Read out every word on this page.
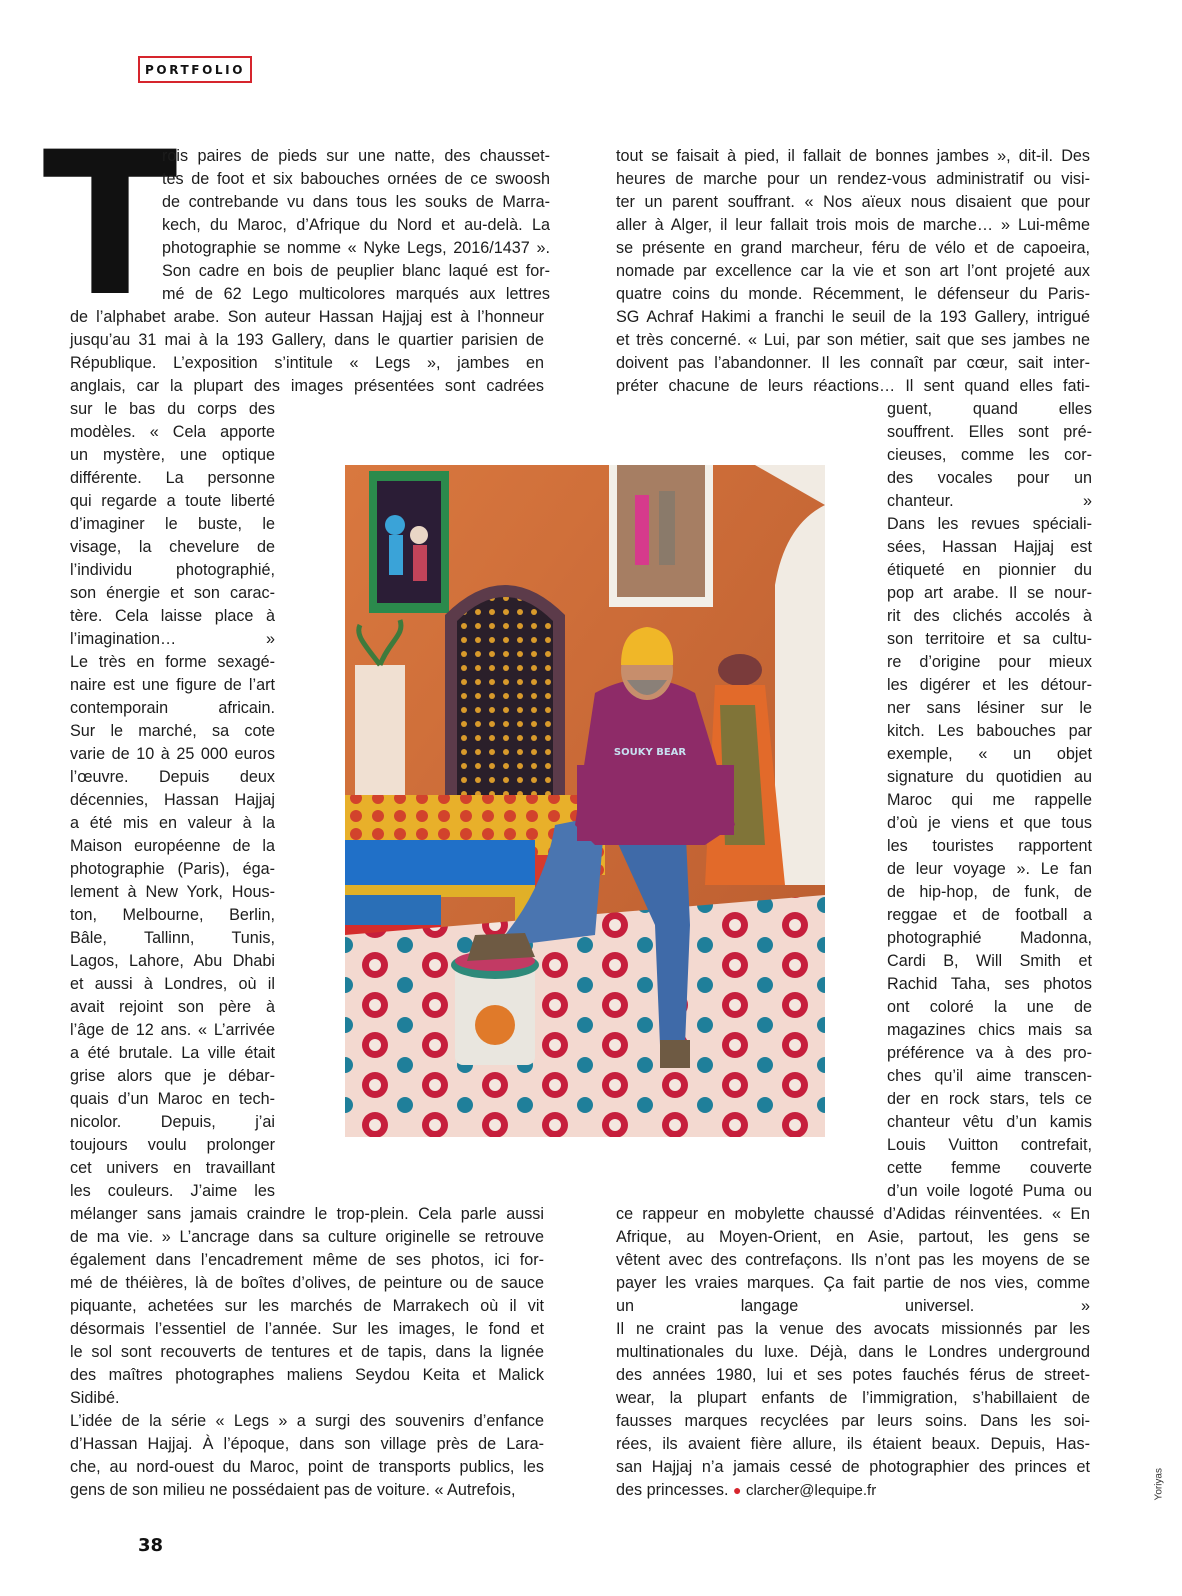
PORTFOLIO
T
rois paires de pieds sur une natte, des chausset-
tes de foot et six babouches ornées de ce swoosh
de contrebande vu dans tous les souks de Marra-
kech, du Maroc, d’Afrique du Nord et au-delà. La
photographie se nomme « Nyke Legs, 2016/1437 ».
Son cadre en bois de peuplier blanc laqué est for-
mé de 62 Lego multicolores marqués aux lettres
de l’alphabet arabe. Son auteur Hassan Hajjaj est à l’honneur
jusqu’au 31 mai à la 193 Gallery, dans le quartier parisien de
République. L’exposition s’intitule « Legs », jambes en
anglais, car la plupart des images présentées sont cadrées
sur le bas du corps des
modèles. « Cela apporte
un mystère, une optique
différente. La personne
qui regarde a toute liberté
d’imaginer le buste, le
visage, la chevelure de
l’individu photographié,
son énergie et son carac-
tère. Cela laisse place à
l’imagination… »
Le très en forme sexagé-
naire est une figure de l’art
contemporain africain.
Sur le marché, sa cote
varie de 10 à 25 000 euros
l’œuvre. Depuis deux
décennies, Hassan Hajjaj
a été mis en valeur à la
Maison européenne de la
photographie (Paris), éga-
lement à New York, Hous-
ton, Melbourne, Berlin,
Bâle, Tallinn, Tunis,
Lagos, Lahore, Abu Dhabi
et aussi à Londres, où il
avait rejoint son père à
l’âge de 12 ans. « L’arrivée
a été brutale. La ville était
grise alors que je débar-
quais d’un Maroc en tech-
nicolor. Depuis, j’ai
toujours voulu prolonger
cet univers en travaillant
les couleurs. J’aime les
mélanger sans jamais craindre le trop-plein. Cela parle aussi
de ma vie. » L’ancrage dans sa culture originelle se retrouve
également dans l’encadrement même de ses photos, ici for-
mé de théières, là de boîtes d’olives, de peinture ou de sauce
piquante, achetées sur les marchés de Marrakech où il vit
désormais l’essentiel de l’année. Sur les images, le fond et
le sol sont recouverts de tentures et de tapis, dans la lignée
des maîtres photographes maliens Seydou Keita et Malick
Sidibé.
L’idée de la série « Legs » a surgi des souvenirs d’enfance
d’Hassan Hajjaj. À l’époque, dans son village près de Lara-
che, au nord-ouest du Maroc, point de transports publics, les
gens de son milieu ne possédaient pas de voiture. « Autrefois,
tout se faisait à pied, il fallait de bonnes jambes », dit-il. Des
heures de marche pour un rendez-vous administratif ou visi-
ter un parent souffrant. « Nos aïeux nous disaient que pour
aller à Alger, il leur fallait trois mois de marche… » Lui-même
se présente en grand marcheur, féru de vélo et de capoeira,
nomade par excellence car la vie et son art l’ont projeté aux
quatre coins du monde. Récemment, le défenseur du Paris-
SG Achraf Hakimi a franchi le seuil de la 193 Gallery, intrigué
et très concerné. « Lui, par son métier, sait que ses jambes ne
doivent pas l’abandonner. Il les connaît par cœur, sait inter-
préter chacune de leurs réactions… Il sent quand elles fati-
guent, quand elles
souffrent. Elles sont pré-
cieuses, comme les cor-
des vocales pour un
chanteur. »
Dans les revues spéciali-
sées, Hassan Hajjaj est
étiqueté en pionnier du
pop art arabe. Il se nour-
rit des clichés accolés à
son territoire et sa cultu-
re d’origine pour mieux
les digérer et les détour-
ner sans lésiner sur le
kitch. Les babouches par
exemple, « un objet
signature du quotidien au
Maroc qui me rappelle
d’où je viens et que tous
les touristes rapportent
de leur voyage ». Le fan
de hip-hop, de funk, de
reggae et de football a
photographié Madonna,
Cardi B, Will Smith et
Rachid Taha, ses photos
ont coloré la une de
magazines chics mais sa
préférence va à des pro-
ches qu’il aime transcen-
der en rock stars, tels ce
chanteur vêtu d’un kamis
Louis Vuitton contrefait,
cette femme couverte
d’un voile logoté Puma ou
ce rappeur en mobylette chaussé d’Adidas réinventées. « En
Afrique, au Moyen-Orient, en Asie, partout, les gens se
vêtent avec des contrefaçons. Ils n’ont pas les moyens de se
payer les vraies marques. Ça fait partie de nos vies, comme
un langage universel. »
Il ne craint pas la venue des avocats missionnés par les
multinationales du luxe. Déjà, dans le Londres underground
des années 1980, lui et ses potes fauchés férus de street-
wear, la plupart enfants de l’immigration, s’habillaient de
fausses marques recyclées par leurs soins. Dans les soi-
rées, ils avaient fière allure, ils étaient beaux. Depuis, Has-
san Hajjaj n’a jamais cessé de photographier des princes et
des princesses. ● clarcher@lequipe.fr
SOUKY BEAR
Yoriyas
38
